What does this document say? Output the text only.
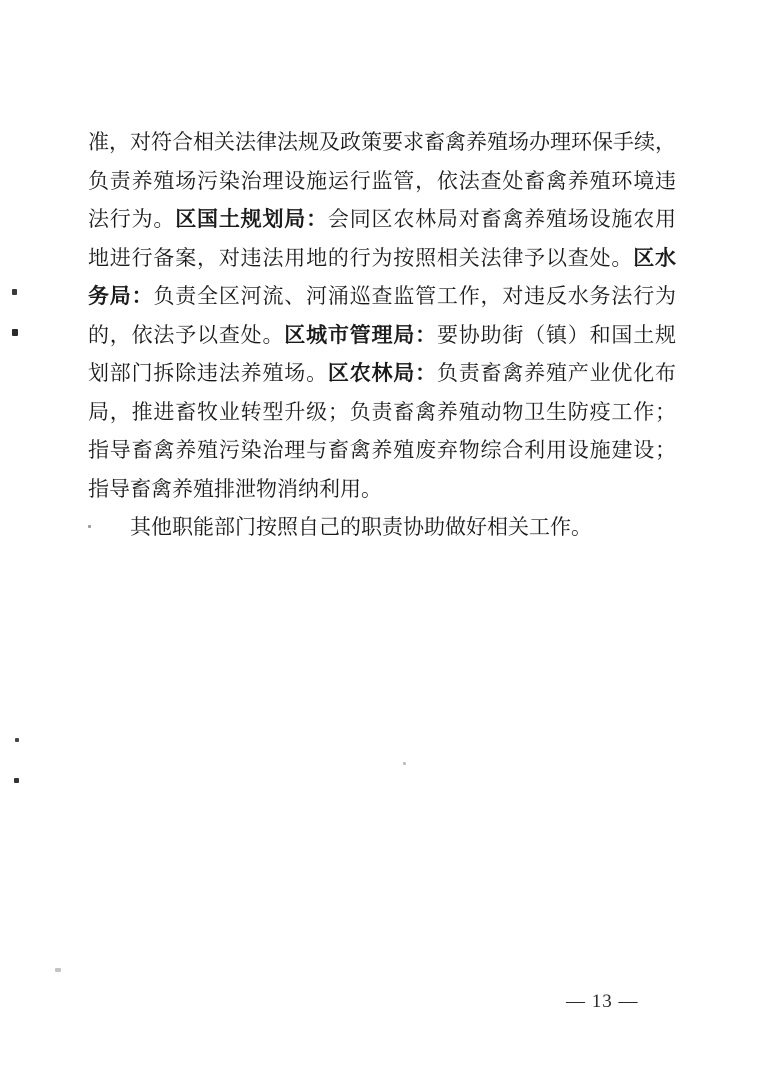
准，对符合相关法律法规及政策要求畜禽养殖场办理环保手续，
负责养殖场污染治理设施运行监管，依法查处畜禽养殖环境违
法行为。区国土规划局：会同区农林局对畜禽养殖场设施农用
地进行备案，对违法用地的行为按照相关法律予以查处。区水
务局：负责全区河流、河涌巡查监管工作，对违反水务法行为
的，依法予以查处。区城市管理局：要协助街（镇）和国土规
划部门拆除违法养殖场。区农林局：负责畜禽养殖产业优化布
局，推进畜牧业转型升级；负责畜禽养殖动物卫生防疫工作；
指导畜禽养殖污染治理与畜禽养殖废弃物综合利用设施建设；
指导畜禽养殖排泄物消纳利用。
其他职能部门按照自己的职责协助做好相关工作。
— 13 —
